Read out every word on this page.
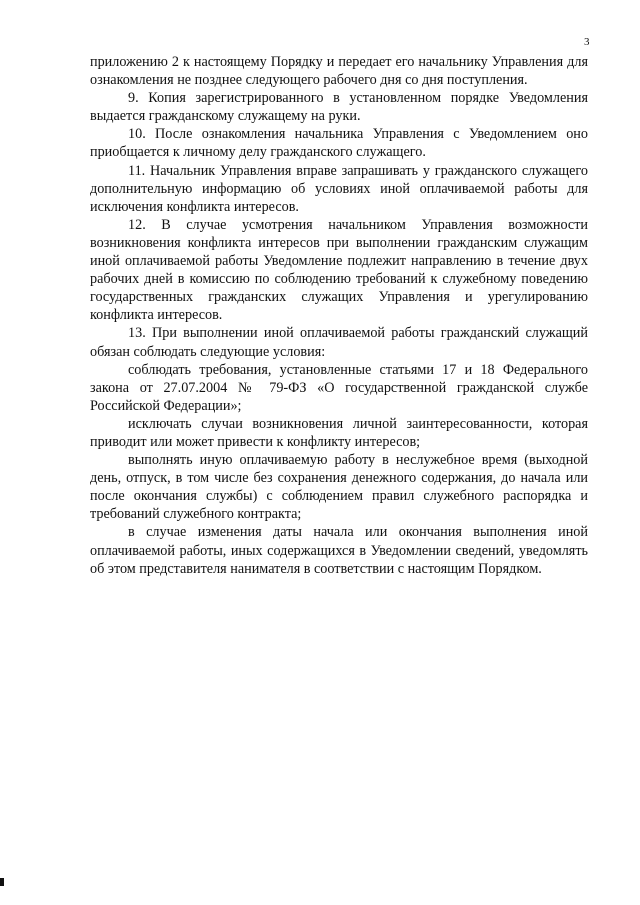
3

приложению 2 к настоящему Порядку и передает его начальнику Управления для ознакомления не позднее следующего рабочего дня со дня поступления.

9. Копия зарегистрированного в установленном порядке Уведомления выдается гражданскому служащему на руки.

10. После ознакомления начальника Управления с Уведомлением оно приобщается к личному делу гражданского служащего.

11. Начальник Управления вправе запрашивать у гражданского служащего дополнительную информацию об условиях иной оплачиваемой работы для исключения конфликта интересов.

12. В случае усмотрения начальником Управления возможности возникновения конфликта интересов при выполнении гражданским служащим иной оплачиваемой работы Уведомление подлежит направлению в течение двух рабочих дней в комиссию по соблюдению требований к служебному поведению государственных гражданских служащих Управления и урегулированию конфликта интересов.

13. При выполнении иной оплачиваемой работы гражданский служащий обязан соблюдать следующие условия:

соблюдать требования, установленные статьями 17 и 18 Федерального закона от 27.07.2004 № 79-ФЗ «О государственной гражданской службе Российской Федерации»;

исключать случаи возникновения личной заинтересованности, которая приводит или может привести к конфликту интересов;

выполнять иную оплачиваемую работу в неслужебное время (выходной день, отпуск, в том числе без сохранения денежного содержания, до начала или после окончания службы) с соблюдением правил служебного распорядка и требований служебного контракта;

в случае изменения даты начала или окончания выполнения иной оплачиваемой работы, иных содержащихся в Уведомлении сведений, уведомлять об этом представителя нанимателя в соответствии с настоящим Порядком.
